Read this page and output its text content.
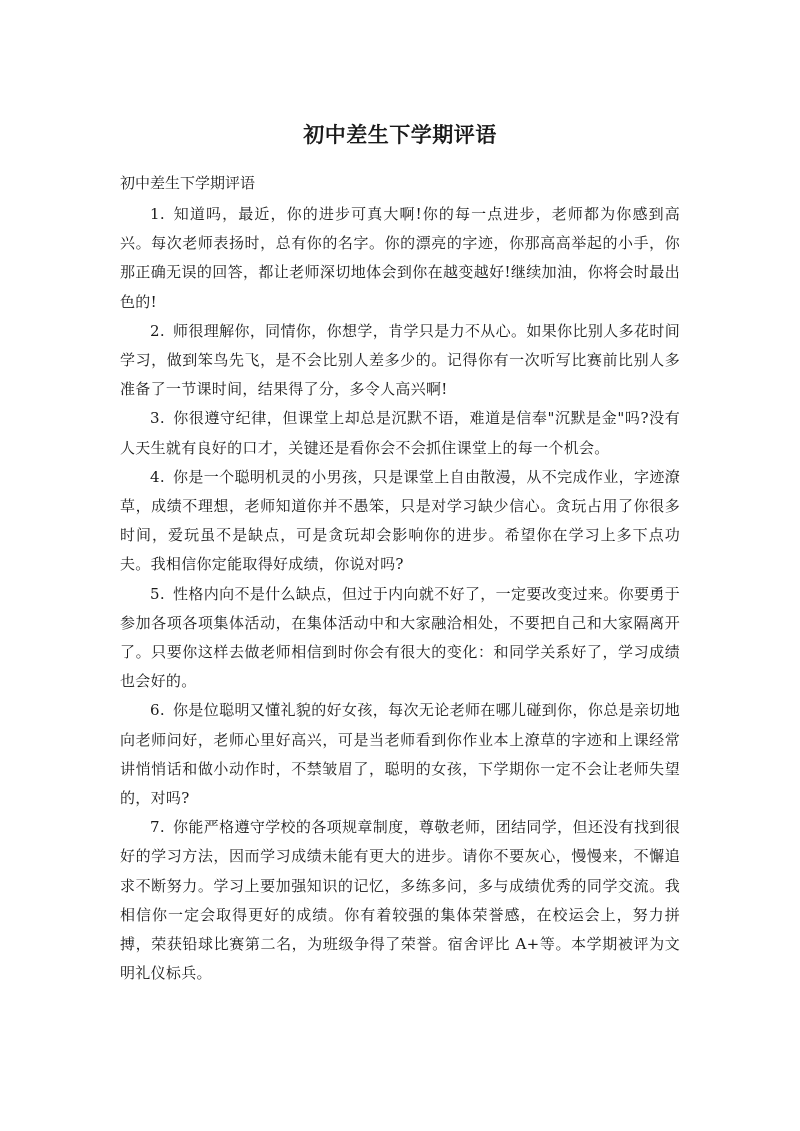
初中差生下学期评语
初中差生下学期评语

1. 知道吗，最近，你的进步可真大啊!你的每一点进步，老师都为你感到高兴。每次老师表扬时，总有你的名字。你的漂亮的字迹，你那高高举起的小手，你那正确无误的回答，都让老师深切地体会到你在越变越好!继续加油，你将会时最出色的!

2. 师很理解你，同情你，你想学，肯学只是力不从心。如果你比别人多花时间学习，做到笨鸟先飞，是不会比别人差多少的。记得你有一次听写比赛前比别人多准备了一节课时间，结果得了分，多令人高兴啊!

3. 你很遵守纪律，但课堂上却总是沉默不语，难道是信奉"沉默是金"吗?没有人天生就有良好的口才，关键还是看你会不会抓住课堂上的每一个机会。

4. 你是一个聪明机灵的小男孩，只是课堂上自由散漫，从不完成作业，字迹潦草，成绩不理想，老师知道你并不愚笨，只是对学习缺少信心。贪玩占用了你很多时间，爱玩虽不是缺点，可是贪玩却会影响你的进步。希望你在学习上多下点功夫。我相信你定能取得好成绩，你说对吗?

5. 性格内向不是什么缺点，但过于内向就不好了，一定要改变过来。你要勇于参加各项各项集体活动，在集体活动中和大家融洽相处，不要把自己和大家隔离开了。只要你这样去做老师相信到时你会有很大的变化：和同学关系好了，学习成绩也会好的。

6. 你是位聪明又懂礼貌的好女孩，每次无论老师在哪儿碰到你，你总是亲切地向老师问好，老师心里好高兴，可是当老师看到你作业本上潦草的字迹和上课经常讲悄悄话和做小动作时，不禁皱眉了，聪明的女孩，下学期你一定不会让老师失望的，对吗?

7. 你能严格遵守学校的各项规章制度，尊敬老师，团结同学，但还没有找到很好的学习方法，因而学习成绩未能有更大的进步。请你不要灰心，慢慢来，不懈追求不断努力。学习上要加强知识的记忆，多练多问，多与成绩优秀的同学交流。我相信你一定会取得更好的成绩。你有着较强的集体荣誉感，在校运会上，努力拼搏，荣获铅球比赛第二名，为班级争得了荣誉。宿舍评比 A+等。本学期被评为文明礼仪标兵。
